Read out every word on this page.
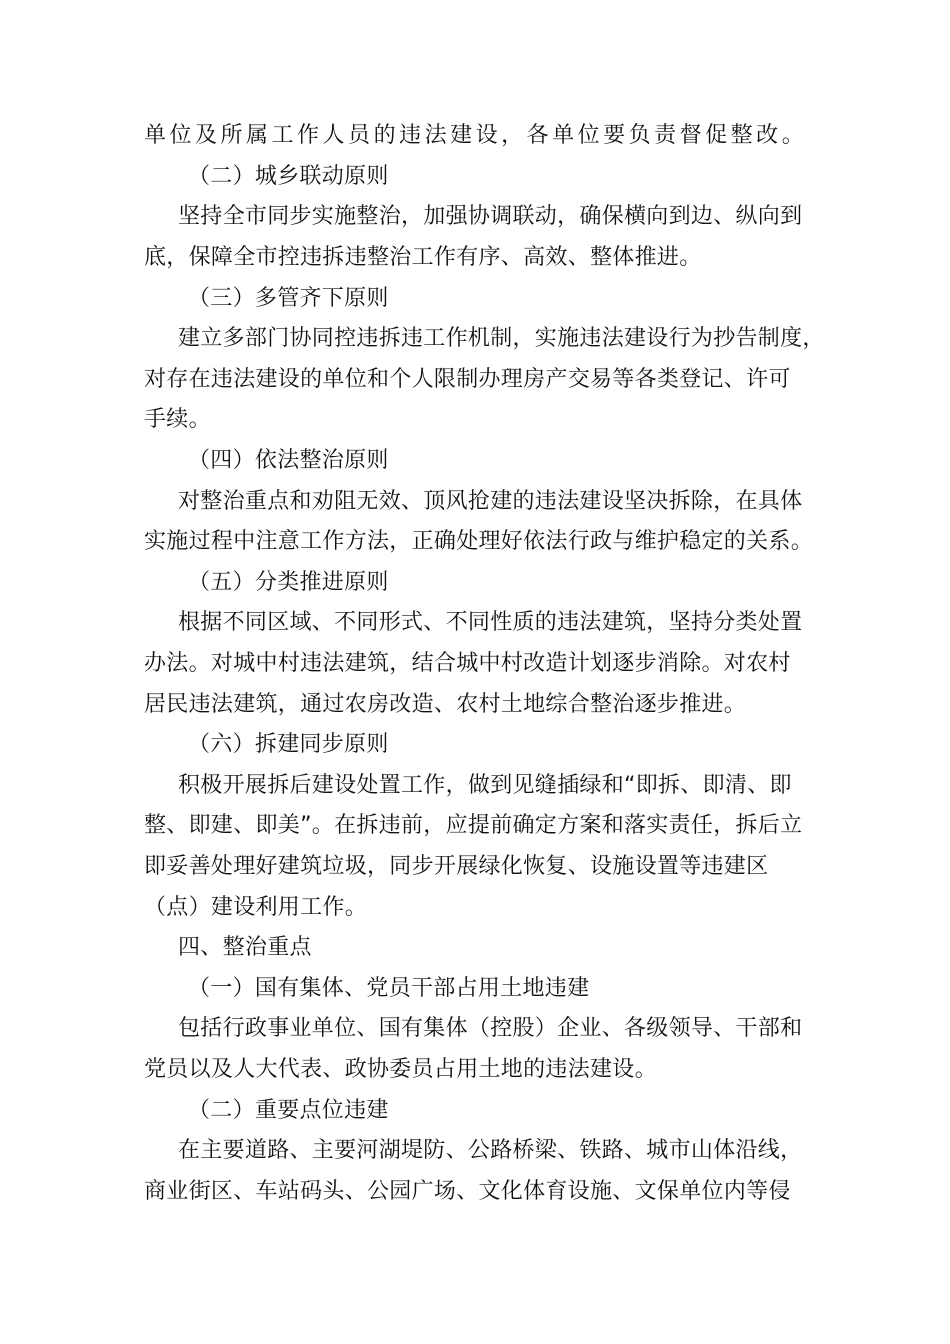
单位及所属工作人员的违法建设，各单位要负责督促整改。
（二）城乡联动原则
坚持全市同步实施整治，加强协调联动，确保横向到边、纵向到
底，保障全市控违拆违整治工作有序、高效、整体推进。
（三）多管齐下原则
建立多部门协同控违拆违工作机制，实施违法建设行为抄告制度，
对存在违法建设的单位和个人限制办理房产交易等各类登记、许可
手续。
（四）依法整治原则
对整治重点和劝阻无效、顶风抢建的违法建设坚决拆除，在具体
实施过程中注意工作方法，正确处理好依法行政与维护稳定的关系。
（五）分类推进原则
根据不同区域、不同形式、不同性质的违法建筑，坚持分类处置
办法。对城中村违法建筑，结合城中村改造计划逐步消除。对农村
居民违法建筑，通过农房改造、农村土地综合整治逐步推进。
（六）拆建同步原则
积极开展拆后建设处置工作，做到见缝插绿和“即拆、即清、即
整、即建、即美”。在拆违前，应提前确定方案和落实责任，拆后立
即妥善处理好建筑垃圾，同步开展绿化恢复、设施设置等违建区
（点）建设利用工作。
四、整治重点
（一）国有集体、党员干部占用土地违建
包括行政事业单位、国有集体（控股）企业、各级领导、干部和
党员以及人大代表、政协委员占用土地的违法建设。
（二）重要点位违建
在主要道路、主要河湖堤防、公路桥梁、铁路、城市山体沿线，
商业街区、车站码头、公园广场、文化体育设施、文保单位内等侵
